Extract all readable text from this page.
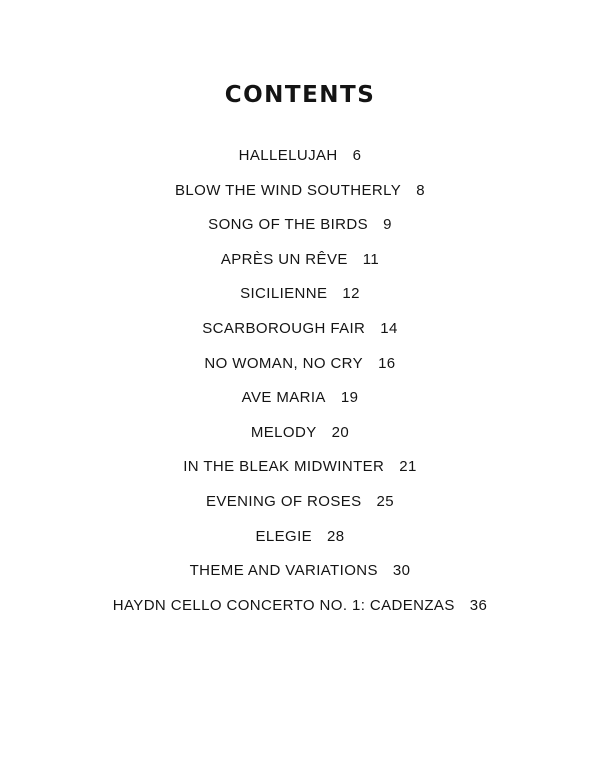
CONTENTS
HALLELUJAH 6
BLOW THE WIND SOUTHERLY 8
SONG OF THE BIRDS 9
APRÈS UN RÊVE 11
SICILIENNE 12
SCARBOROUGH FAIR 14
NO WOMAN, NO CRY 16
AVE MARIA 19
MELODY 20
IN THE BLEAK MIDWINTER 21
EVENING OF ROSES 25
ELEGIE 28
THEME AND VARIATIONS 30
HAYDN CELLO CONCERTO NO. 1: CADENZAS 36
